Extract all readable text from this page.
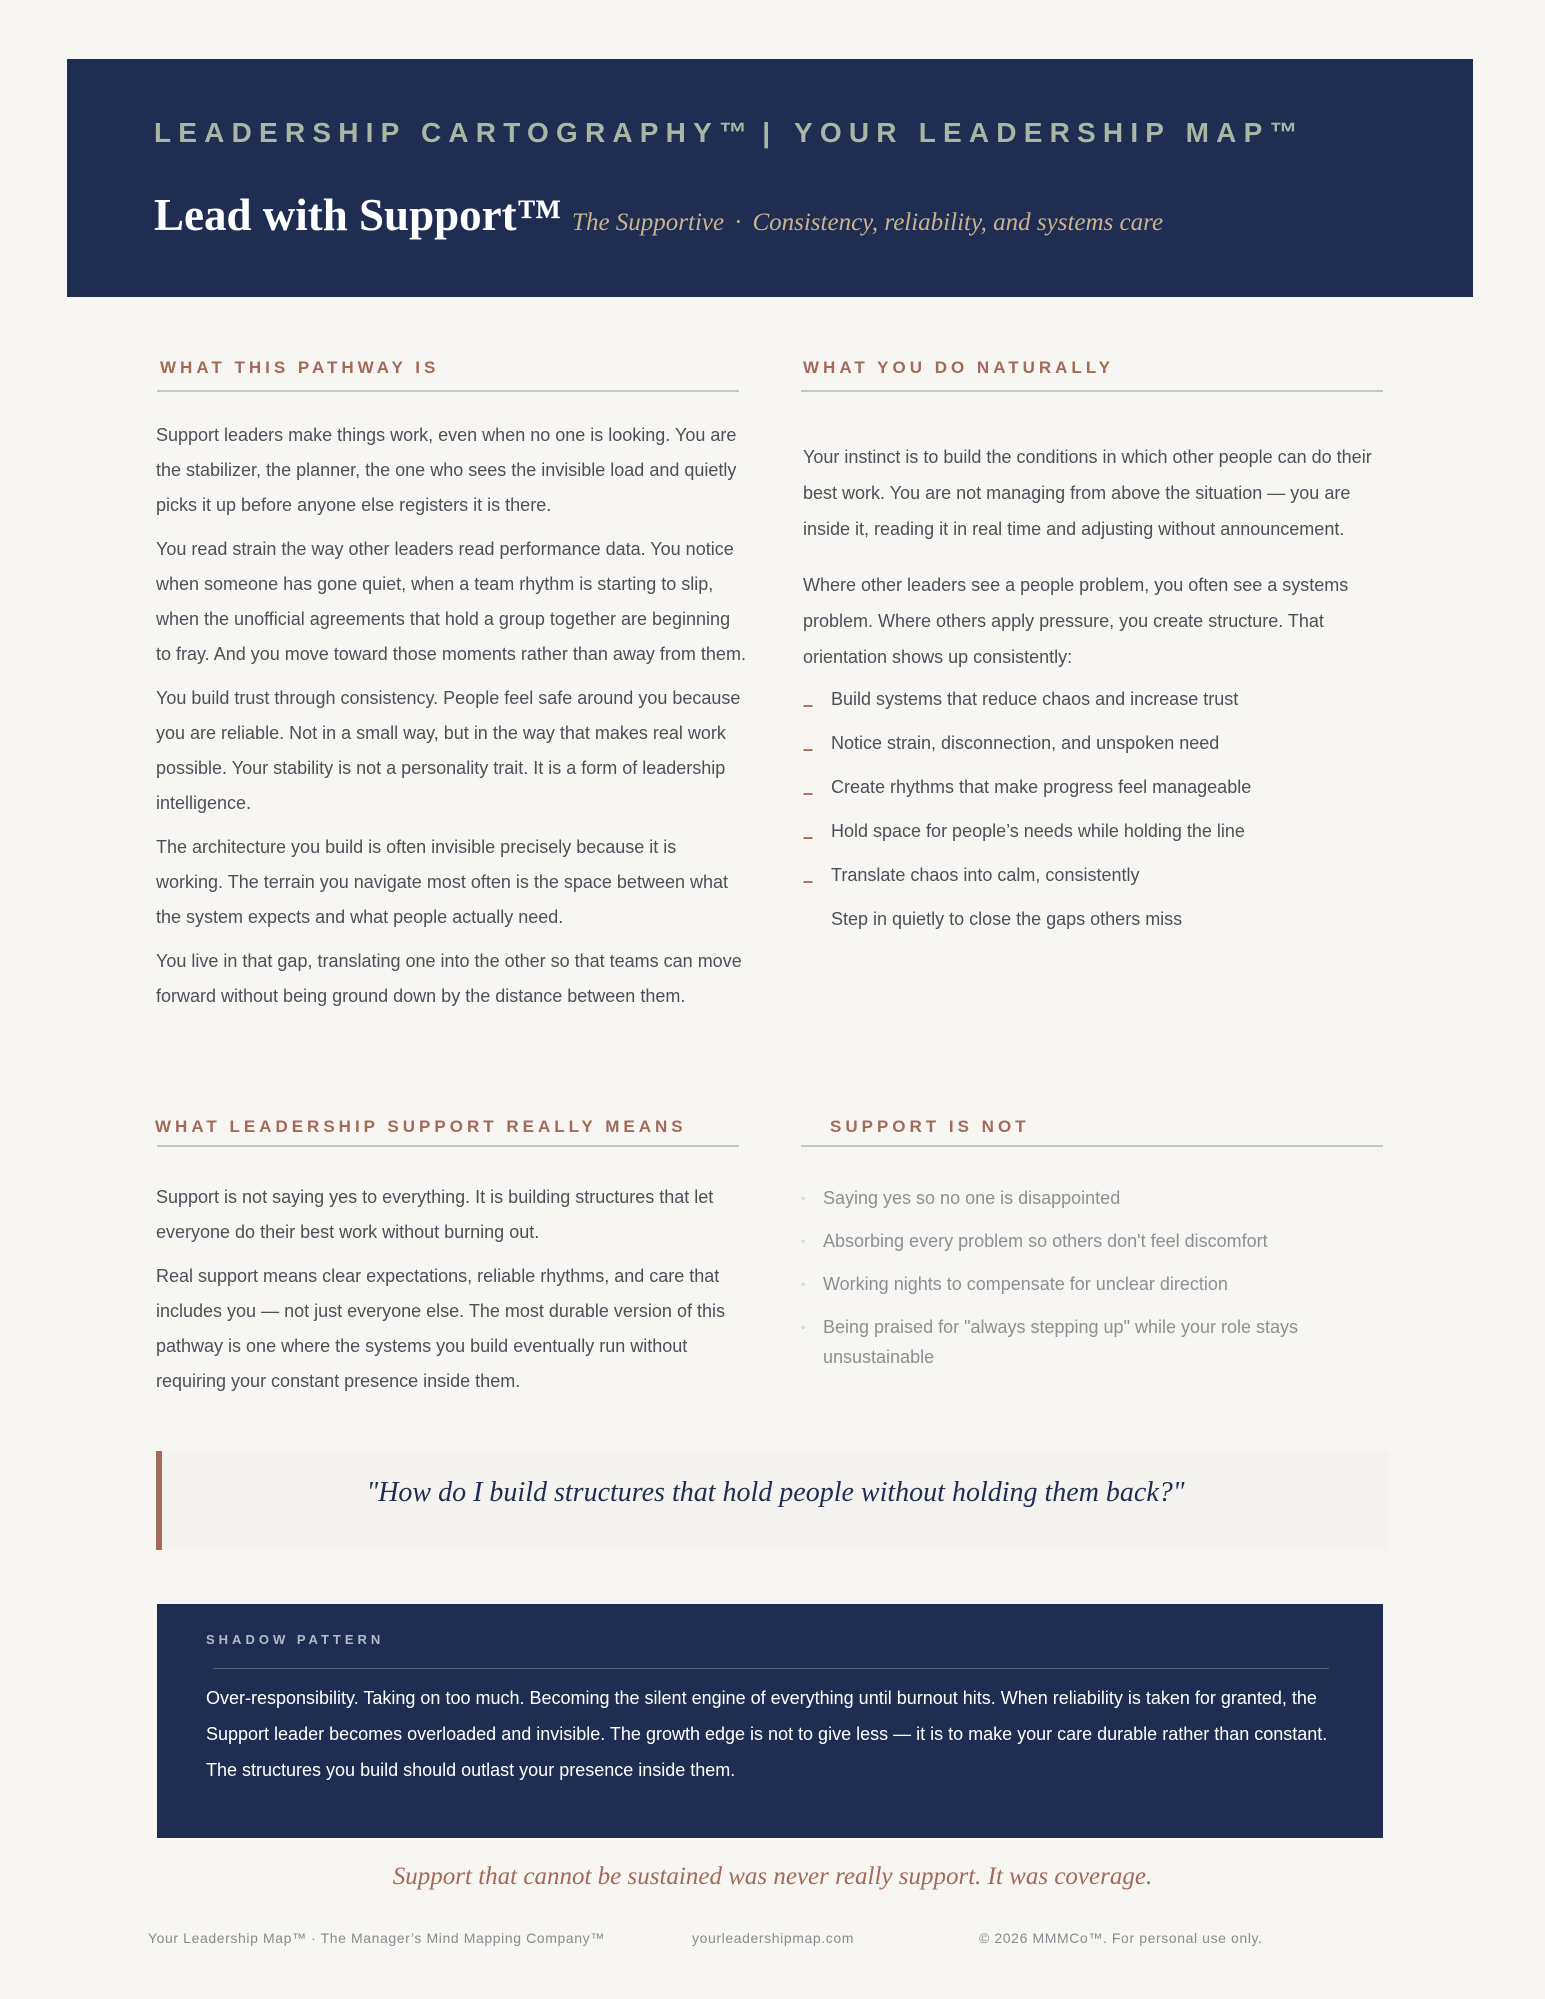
LEADERSHIP CARTOGRAPHY™ | YOUR LEADERSHIP MAP™
Lead with Support™ The Supportive · Consistency, reliability, and systems care
WHAT THIS PATHWAY IS

Support leaders make things work, even when no one is looking. You are the stabilizer, the planner, the one who sees the invisible load and quietly picks it up before anyone else registers it is there.

You read strain the way other leaders read performance data. You notice when someone has gone quiet, when a team rhythm is starting to slip, when the unofficial agreements that hold a group together are beginning to fray. And you move toward those moments rather than away from them.

You build trust through consistency. People feel safe around you because you are reliable. Not in a small way, but in the way that makes real work possible. Your stability is not a personality trait. It is a form of leadership intelligence.

The architecture you build is often invisible precisely because it is working. The terrain you navigate most often is the space between what the system expects and what people actually need.

You live in that gap, translating one into the other so that teams can move forward without being ground down by the distance between them.

WHAT YOU DO NATURALLY

Your instinct is to build the conditions in which other people can do their best work. You are not managing from above the situation — you are inside it, reading it in real time and adjusting without announcement.

Where other leaders see a people problem, you often see a systems problem. Where others apply pressure, you create structure. That orientation shows up consistently:

– Build systems that reduce chaos and increase trust
– Notice strain, disconnection, and unspoken need
– Create rhythms that make progress feel manageable
– Hold space for people’s needs while holding the line
– Translate chaos into calm, consistently
Step in quietly to close the gaps others miss
WHAT LEADERSHIP SUPPORT REALLY MEANS

Support is not saying yes to everything. It is building structures that let everyone do their best work without burning out.

Real support means clear expectations, reliable rhythms, and care that includes you — not just everyone else. The most durable version of this pathway is one where the systems you build eventually run without requiring your constant presence inside them.

SUPPORT IS NOT
◦ Saying yes so no one is disappointed
◦ Absorbing every problem so others don't feel discomfort
◦ Working nights to compensate for unclear direction
◦ Being praised for "always stepping up" while your role stays unsustainable
"How do I build structures that hold people without holding them back?"
SHADOW PATTERN
Over-responsibility. Taking on too much. Becoming the silent engine of everything until burnout hits. When reliability is taken for granted, the Support leader becomes overloaded and invisible. The growth edge is not to give less — it is to make your care durable rather than constant. The structures you build should outlast your presence inside them.
Support that cannot be sustained was never really support. It was coverage.
Your Leadership Map™ · The Manager’s Mind Mapping Company™	yourleadershipmap.com	© 2026 MMMCo™. For personal use only.
